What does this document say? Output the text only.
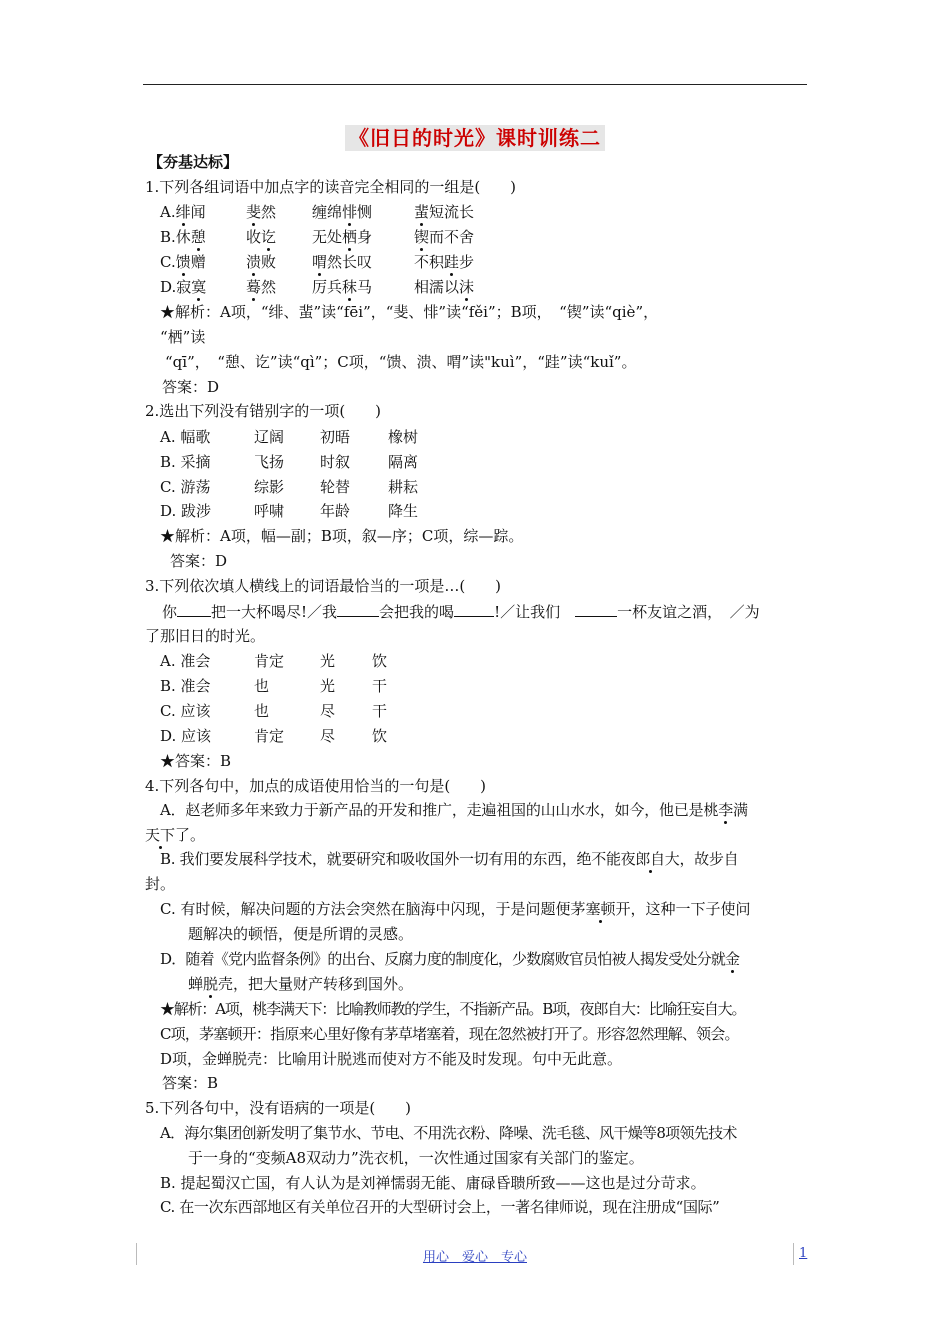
《旧日的时光》课时训练二
【夯基达标】
1.下列各组词语中加点字的读音完全相同的一组是(　　)
A.绯闻	斐然 缠绵悱恻	蜚短流长
B.休憩	收讫 无处栖身	锲而不舍
C.馈赠	溃败 喟然长叹	不积跬步
D.寂寞	蓦然 厉兵秣马	相濡以沫
★解析：A项，“绯、蜚”读“fēi”，“斐、悱”读“fěi”；B项，　“锲”读“qiè”，
“栖”读
“qī”，　“憩、讫”读“qì”；C项，“馈、溃、喟”读"kuì”，“跬”读“kuǐ”。
答案：D
2.选出下列没有错别字的一项(　　)
A. 幅歌	辽阔 初晤	橡树
B. 采摘	飞扬 时叙	隔离
C. 游荡	综影 轮替	耕耘
D. 跋涉	呼啸 年龄	降生
★解析：A项，幅—副；B项，叙—序；C项，综—踪。
答案：D
3.下列依次填人横线上的词语最恰当的一项是…(　　)
你 把一大杯喝尽!／我	会把我的喝	!／让我们　	一杯友谊之酒，　／为
了那旧日的时光。
A. 准会	肯定 光 饮
B. 准会	也	光 干
C. 应该	也	尽 干
D. 应该	肯定 尽 饮
★答案：B
4.下列各句中，加点的成语使用恰当的一句是(　　)
A．赵老师多年来致力于新产品的开发和推广，走遍祖国的山山水水，如今，他已是桃李满
天下了。
B. 我们要发展科学技术，就要研究和吸收国外一切有用的东西，绝不能夜郎自大，故步自
封。
C. 有时候，解决问题的方法会突然在脑海中闪现，于是问题便茅塞顿开，这种一下子使问
题解决的顿悟，便是所谓的灵感。
D．随着《党内监督条例》的出台、反腐力度的制度化，少数腐败官员怕被人揭发受处分就金
蝉脱壳，把大量财产转移到国外。
★解析：A项，桃李满天下：比喻教师教的学生，不指新产品。B项，夜郎自大：比喻狂妄自大。
C项，茅塞顿开：指原来心里好像有茅草堵塞着，现在忽然被打开了。形容忽然理解、领会。
D项，金蝉脱壳：比喻用计脱逃而使对方不能及时发现。句中无此意。
答案：B
5.下列各句中，没有语病的一项是(　　)
A．海尔集团创新发明了集节水、节电、不用洗衣粉、降噪、洗毛毯、风干燥等8项领先技术
于一身的“变频A8双动力”洗衣机，一次性通过国家有关部门的鉴定。
B. 提起蜀汉亡国，有人认为是刘禅懦弱无能、庸碌昏聩所致——这也是过分苛求。
C. 在一次东西部地区有关单位召开的大型研讨会上，一著名律师说，现在注册成“国际”
用心　爱心　专心	1
